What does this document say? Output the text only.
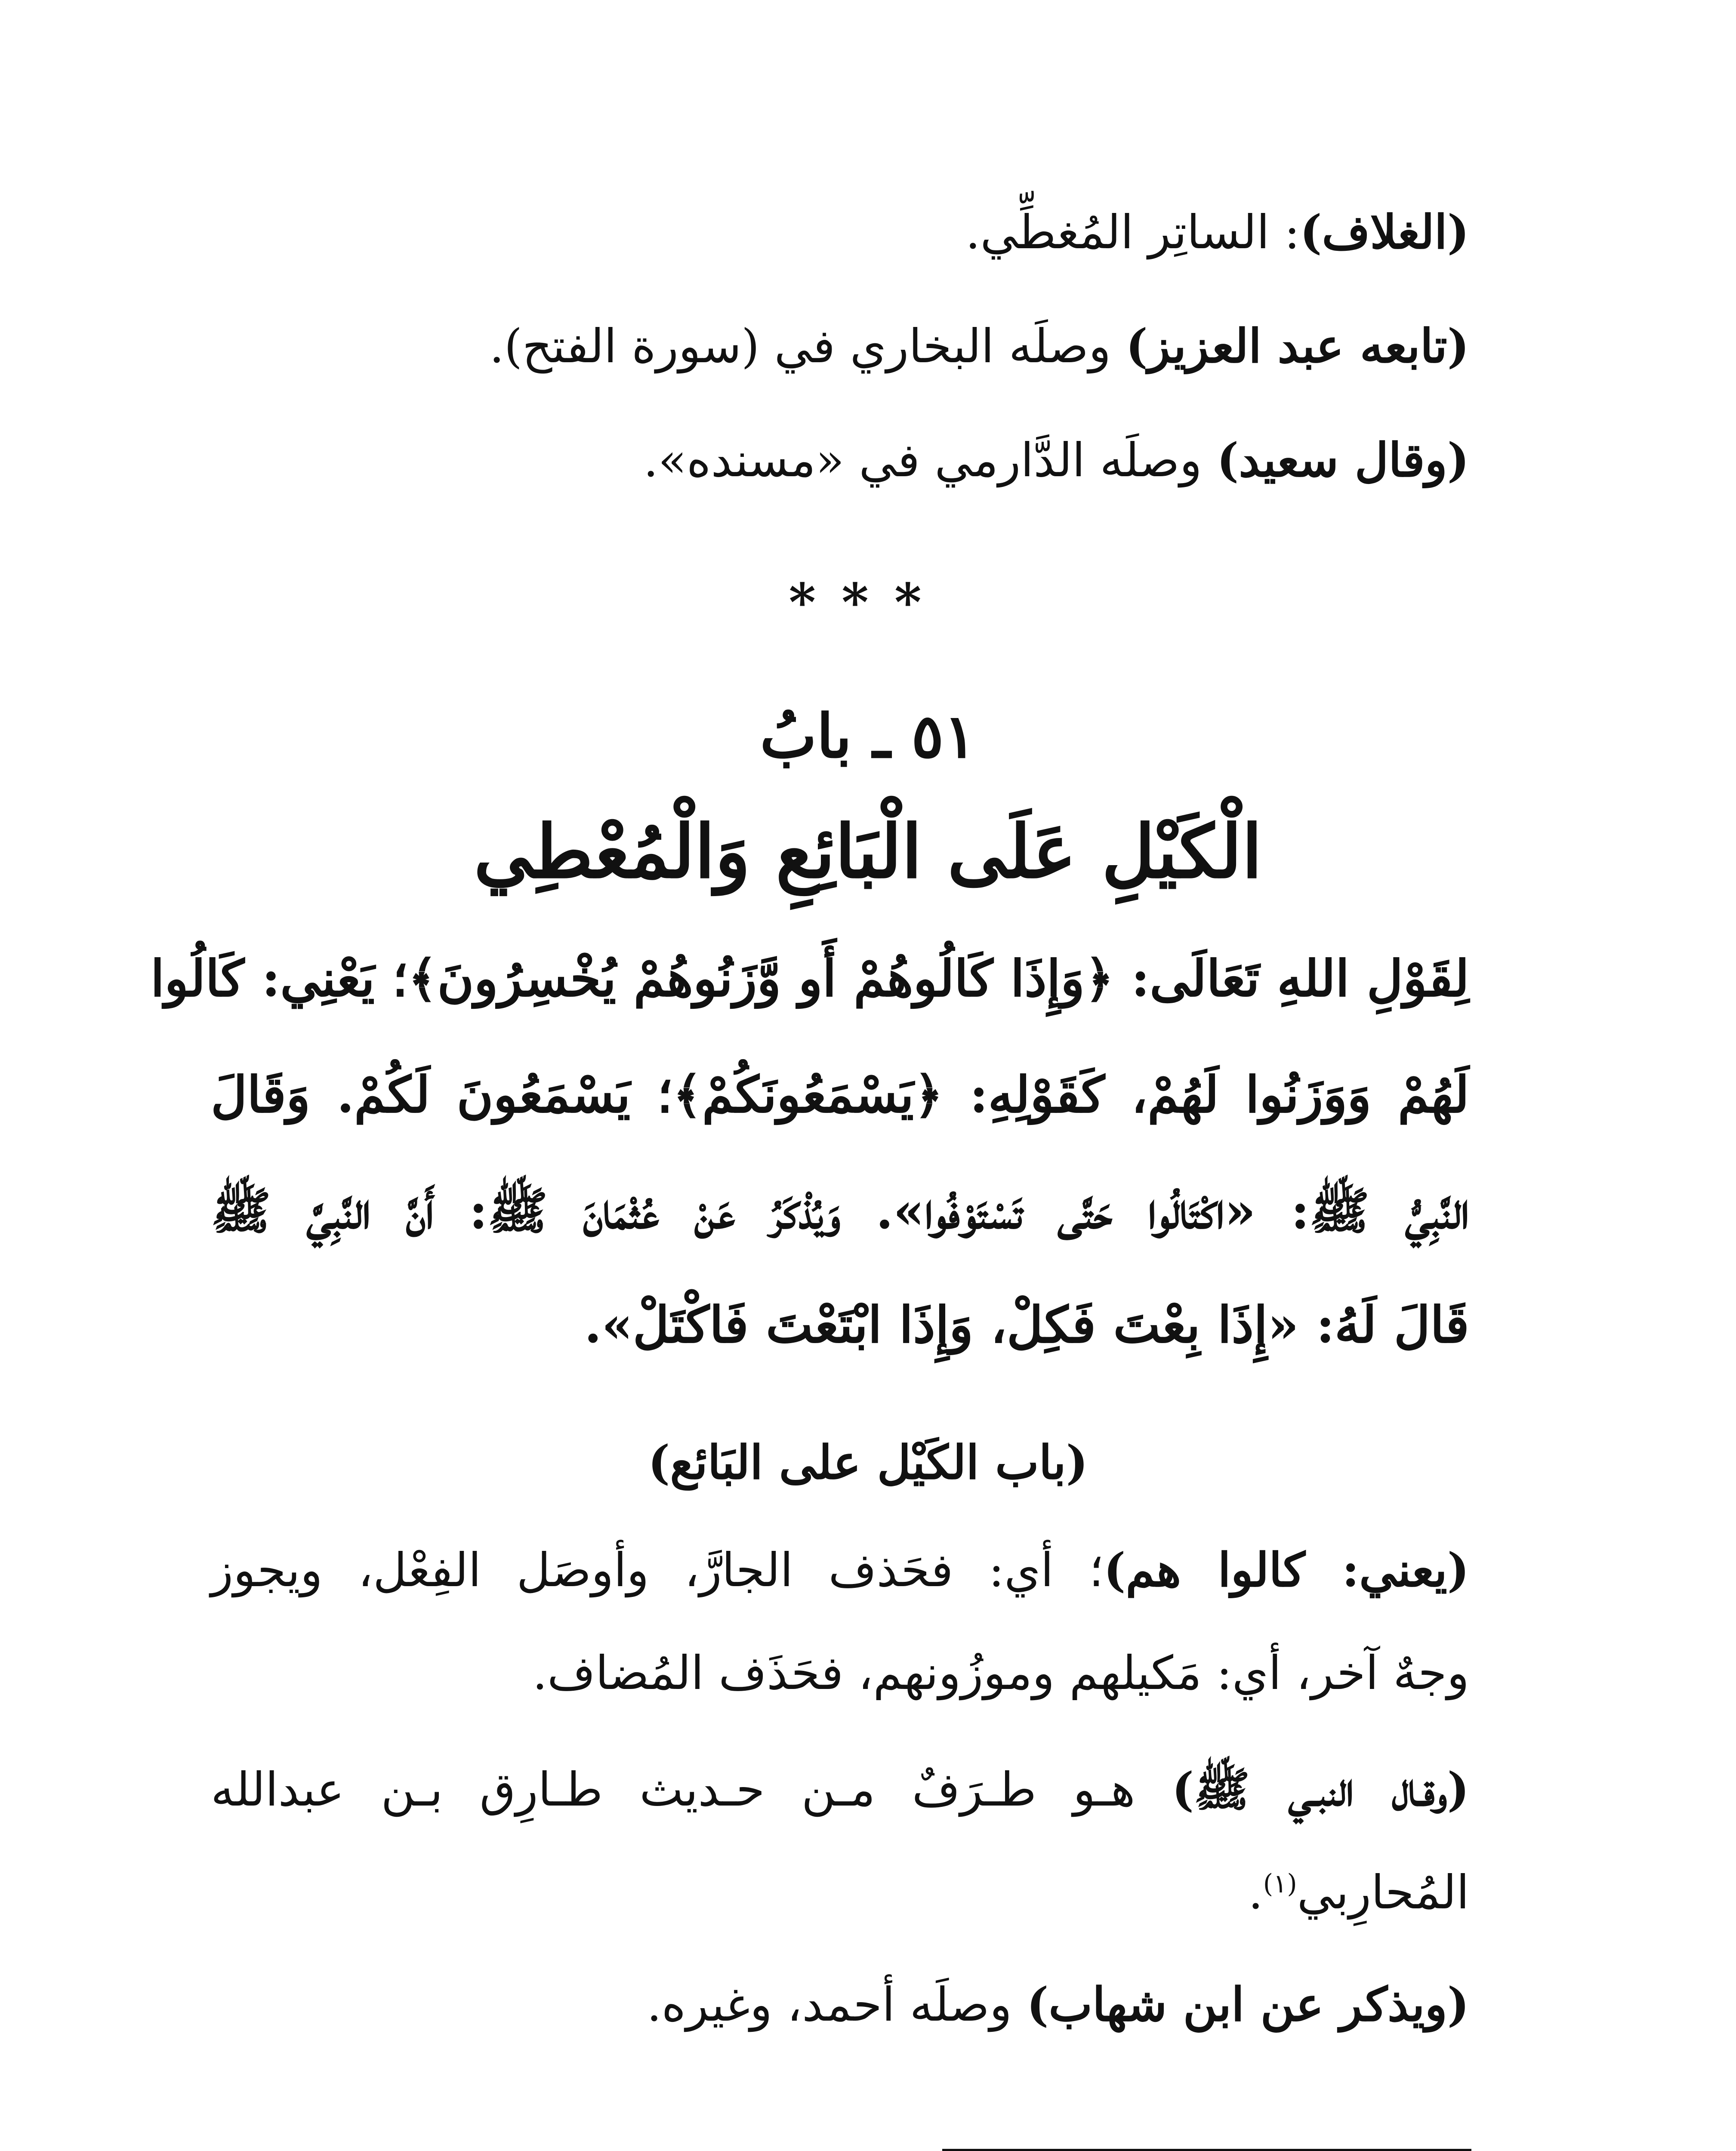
(الغلاف): الساتِر المُغطِّي.
(تابعه عبد العزيز) وصلَه البخاري في (سورة الفتح).
(وقال سعيد) وصلَه الدَّارمي في «مسنده».
***
٥١ ـ بابُ
الْكَيْلِ عَلَى الْبَائِعِ وَالْمُعْطِي
لِقَوْلِ اللهِ تَعَالَى: ﴿وَإِذَا كَالُوهُمْ أَو وَّزَنُوهُمْ يُخْسِرُونَ﴾؛ يَعْنِي: كَالُوا
لَهُمْ وَوَزَنُوا لَهُمْ، كَقَوْلِهِ: ﴿يَسْمَعُونَكُمْ﴾؛ يَسْمَعُونَ لَكُمْ. وَقَالَ
النَّبِيُّ ﷺ: «اكْتَالُوا حَتَّى تَسْتَوْفُوا». وَيُذْكَرُ عَنْ عُثْمَانَ ﷺ: أَنَّ النَّبِيَّ ﷺ
قَالَ لَهُ: «إِذَا بِعْتَ فَكِلْ، وَإِذَا ابْتَعْتَ فَاكْتَلْ».
(باب الكَيْل على البَائع)
(يعني: كالوا هم)؛ أي: فحَذف الجارَّ، وأوصَل الفِعْل، ويجوز
وجهٌ آخر، أي: مَكيلهم وموزُونهم، فحَذَف المُضاف.
(وقـال النبـي ﷺ) هـو طـرَفٌ مـن حـديث طـارِق بـن عبدالله
المُحارِبي$^{(١)}$.
(ويذكر عن ابن شهاب) وصلَه أحمد، وغيره.
